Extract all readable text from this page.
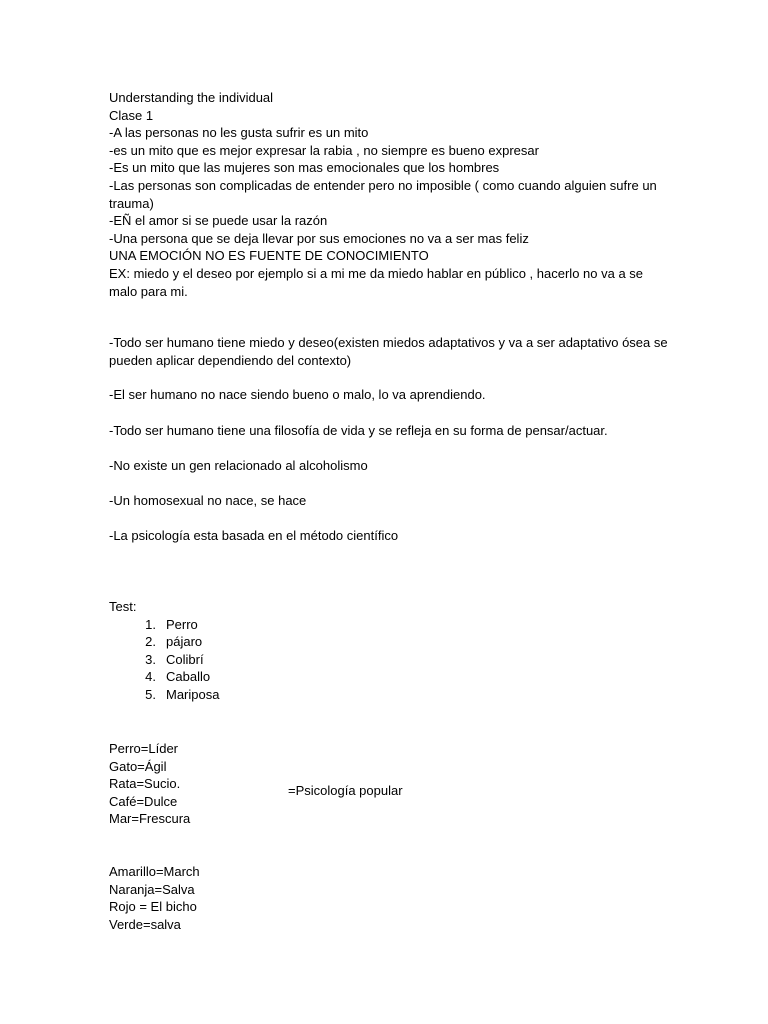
Understanding the individual
Clase 1
-A las personas no les gusta sufrir es un mito
-es un mito que es mejor expresar la rabia , no siempre es bueno expresar
-Es un mito que las mujeres son mas emocionales que los hombres
-Las personas son complicadas de entender pero no imposible ( como cuando alguien sufre un trauma)
-EÑ el amor si se puede usar la razón
-Una persona que se deja llevar por sus emociones no va a ser mas feliz
UNA EMOCIÓN NO ES FUENTE DE CONOCIMIENTO
EX: miedo y el deseo por ejemplo si a mi me da miedo hablar en público , hacerlo no va a se malo para mi.
-Todo ser humano tiene miedo y deseo(existen miedos adaptativos y va a ser adaptativo ósea se pueden aplicar dependiendo del contexto)
-El ser humano no nace siendo bueno o malo, lo va aprendiendo.
-Todo ser humano tiene una filosofía de vida y se refleja en su forma de pensar/actuar.
-No existe un gen relacionado al alcoholismo
-Un homosexual no nace, se hace
-La psicología esta basada en el método científico
Test:
1. Perro
2. pájaro
3. Colibrí
4. Caballo
5. Mariposa
Perro=Líder
Gato=Ágil
Rata=Sucio.
Café=Dulce
Mar=Frescura
=Psicología popular
Amarillo=March
Naranja=Salva
Rojo = El bicho
Verde=salva
